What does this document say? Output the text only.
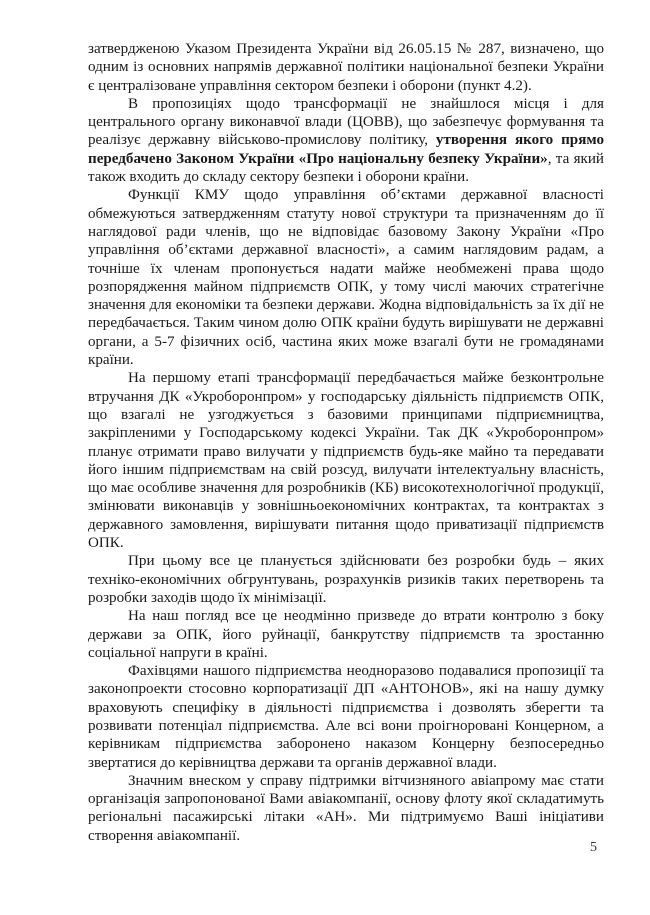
затвердженою Указом Президента України від 26.05.15 № 287, визначено, що одним із основних напрямів державної політики національної безпеки України є централізоване управління сектором безпеки і оборони (пункт 4.2).

В пропозиціях щодо трансформації не знайшлося місця і для центрального органу виконавчої влади (ЦОВВ), що забезпечує формування та реалізує державну військово-промислову політику, утворення якого прямо передбачено Законом України «Про національну безпеку України», та який також входить до складу сектору безпеки і оборони країни.

Функції КМУ щодо управління об’єктами державної власності обмежуються затвердженням статуту нової структури та призначенням до її наглядової ради членів, що не відповідає базовому Закону України «Про управління об’єктами державної власності», а самим наглядовим радам, а точніше їх членам пропонується надати майже необмежені права щодо розпорядження майном підприємств ОПК, у тому числі маючих стратегічне значення для економіки та безпеки держави. Жодна відповідальність за їх дії не передбачається. Таким чином долю ОПК країни будуть вирішувати не державні органи, а 5-7 фізичних осіб, частина яких може взагалі бути не громадянами країни.

На першому етапі трансформації передбачається майже безконтрольне втручання ДК «Укроборонпром» у господарську діяльність підприємств ОПК, що взагалі не узгоджується з базовими принципами підприємництва, закріпленими у Господарському кодексі України. Так ДК «Укроборонпром» планує отримати право вилучати у підприємств будь-яке майно та передавати його іншим підприємствам на свій розсуд, вилучати інтелектуальну власність, що має особливе значення для розробників (КБ) високотехнологічної продукції, змінювати виконавців у зовнішньоекономічних контрактах, та контрактах з державного замовлення, вирішувати питання щодо приватизації підприємств ОПК.

При цьому все це планується здійснювати без розробки будь – яких техніко-економічних обгрунтувань, розрахунків ризиків таких перетворень та розробки заходів щодо їх мінімізації.

На наш погляд все це неодмінно призведе до втрати контролю з боку держави за ОПК, його руйнації, банкрутству підприємств та зростанню соціальної напруги в країні.

Фахівцями нашого підприємства неодноразово подавалися пропозиції та законопроекти стосовно корпоратизації ДП «АНТОНОВ», які на нашу думку враховують специфіку в діяльності підприємства і дозволять зберегти та розвивати потенціал підприємства. Але всі вони проігноровані Концерном, а керівникам підприємства заборонено наказом Концерну безпосередньо звертатися до керівництва держави та органів державної влади.

Значним внеском у справу підтримки вітчизняного авіапрому має стати організація запропонованої Вами авіакомпанії, основу флоту якої складатимуть регіональні пасажирські літаки «АН». Ми підтримуємо Ваші ініціативи створення авіакомпанії.

5
